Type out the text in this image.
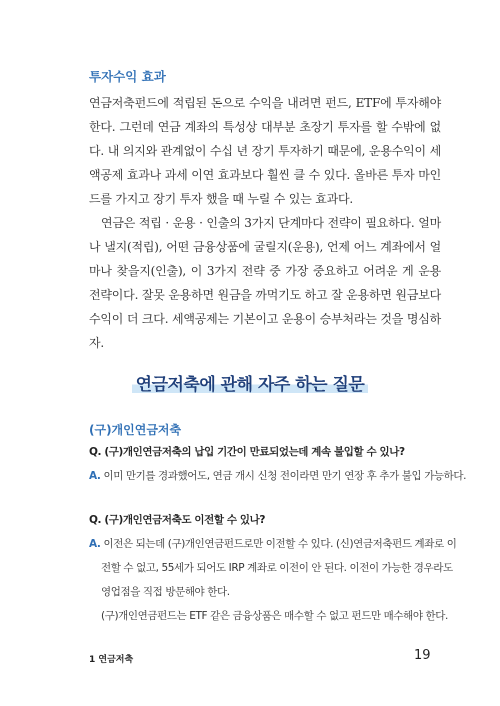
투자수익 효과

연금저축펀드에 적립된 돈으로 수익을 내려면 펀드, ETF에 투자해야 한다. 그런데 연금 계좌의 특성상 대부분 초장기 투자를 할 수밖에 없다. 내 의지와 관계없이 수십 년 장기 투자하기 때문에, 운용수익이 세액공제 효과나 과세 이연 효과보다 훨씬 클 수 있다. 올바른 투자 마인드를 가지고 장기 투자 했을 때 누릴 수 있는 효과다.

연금은 적립 · 운용 · 인출의 3가지 단계마다 전략이 필요하다. 얼마나 낼지(적립), 어떤 금융상품에 굴릴지(운용), 언제 어느 계좌에서 얼마나 찾을지(인출), 이 3가지 전략 중 가장 중요하고 어려운 게 운용 전략이다. 잘못 운용하면 원금을 까먹기도 하고 잘 운용하면 원금보다 수익이 더 크다. 세액공제는 기본이고 운용이 승부처라는 것을 명심하자.

연금저축에 관해 자주 하는 질문
(구)개인연금저축
Q. (구)개인연금저축의 납입 기간이 만료되었는데 계속 불입할 수 있나?
A. 이미 만기를 경과했어도, 연금 개시 신청 전이라면 만기 연장 후 추가 불입 가능하다.
Q. (구)개인연금저축도 이전할 수 있나?
A. 이전은 되는데 (구)개인연금펀드로만 이전할 수 있다. (신)연금저축펀드 계좌로 이
전할 수 없고, 55세가 되어도 IRP 계좌로 이전이 안 된다. 이전이 가능한 경우라도
영업점을 직접 방문해야 한다.
(구)개인연금펀드는 ETF 같은 금융상품은 매수할 수 없고 펀드만 매수해야 한다.
1 연금저축	19
